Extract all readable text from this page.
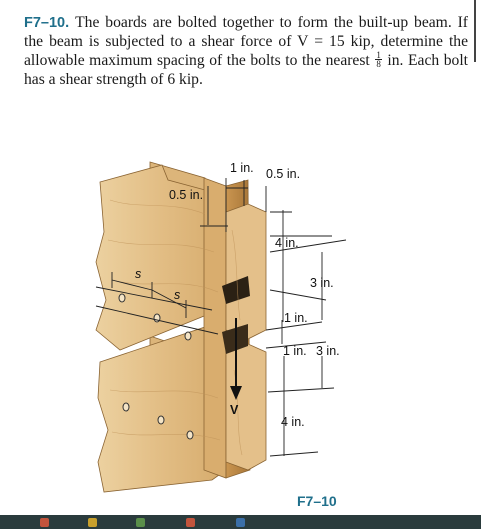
F7–10. The boards are bolted together to form the built-up beam. If the beam is subjected to a shear force of V = 15 kip, determine the allowable maximum spacing of the bolts to the nearest $\frac{1}{8}$ in. Each bolt has a shear strength of 6 kip.
1 in. 0.5 in.
0.5 in.
s
s
4 in.
3 in.
1 in.
1 in. 3 in.
V
4 in.
F7–10
